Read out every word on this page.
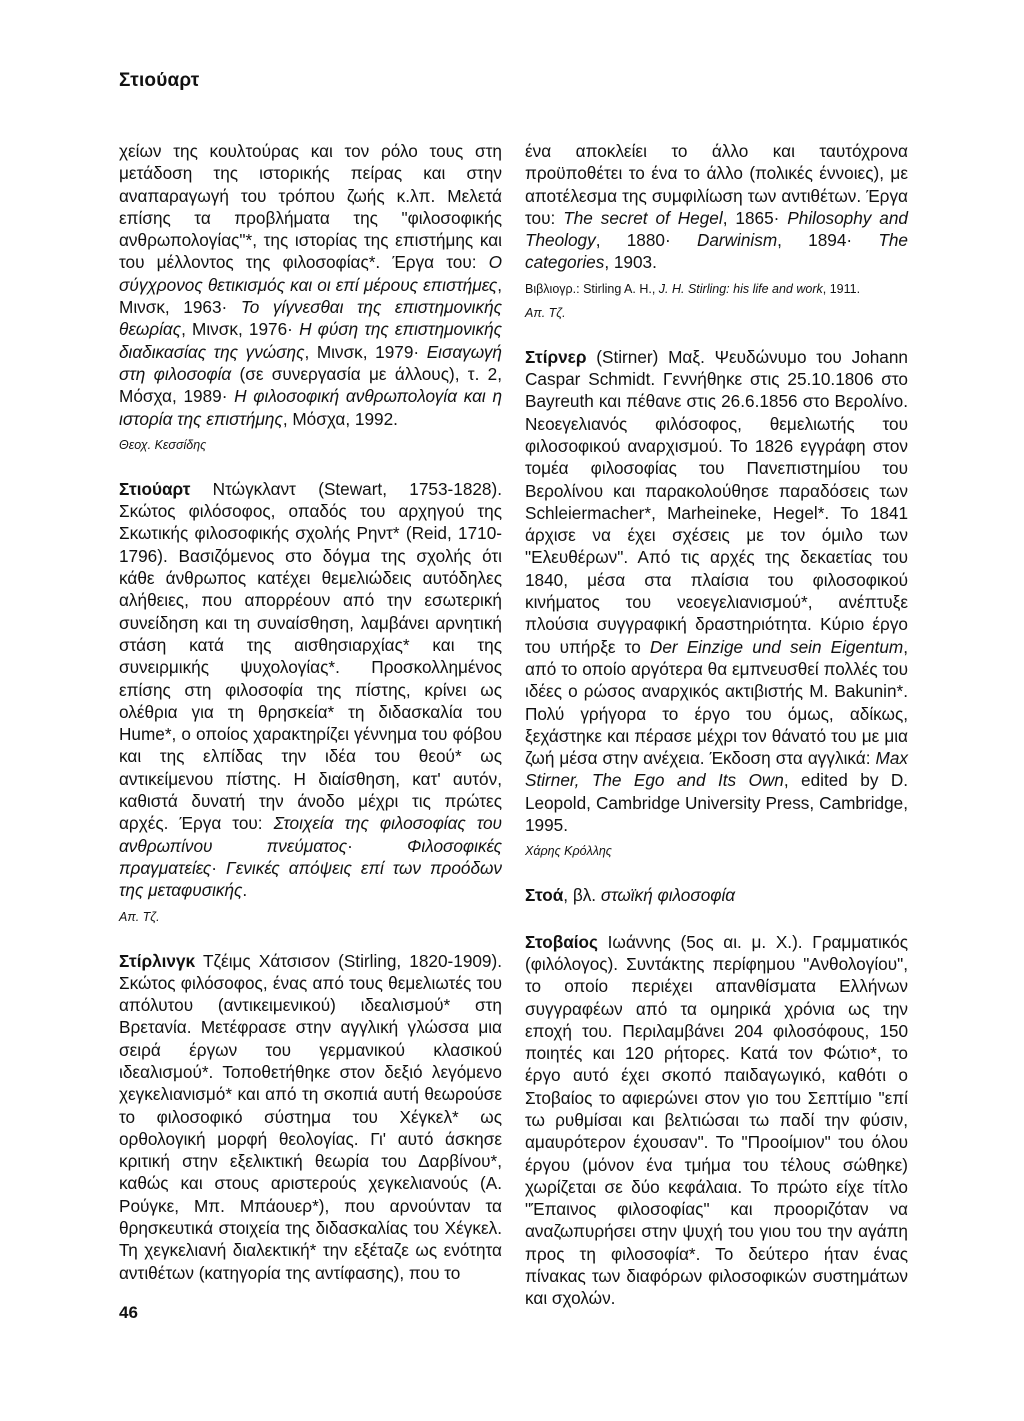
Στιούαρτ

χείων της κουλτούρας και τον ρόλο τους στη μετάδοση της ιστορικής πείρας και στην αναπαραγωγή του τρόπου ζωής κ.λπ. Μελετά επίσης τα προβλήματα της "φιλοσοφικής ανθρωπολογίας"*, της ιστορίας της επιστήμης και του μέλλοντος της φιλοσοφίας*. Έργα του: Ο σύγχρονος θετικισμός και οι επί μέρους επιστήμες, Μινσκ, 1963· Το γίγνεσθαι της επιστημονικής θεωρίας, Μινσκ, 1976· Η φύση της επιστημονικής διαδικασίας της γνώσης, Μινσκ, 1979· Εισαγωγή στη φιλοσοφία (σε συνεργασία με άλλους), τ. 2, Μόσχα, 1989· Η φιλοσοφική ανθρωπολογία και η ιστορία της επιστήμης, Μόσχα, 1992.

Θεοχ. Κεσσίδης

Στιούαρτ Ντώγκλαντ (Stewart, 1753-1828). Σκώτος φιλόσοφος, οπαδός του αρχηγού της Σκωτικής φιλοσοφικής σχολής Ρηντ* (Reid, 1710-1796). Βασιζόμενος στο δόγμα της σχολής ότι κάθε άνθρωπος κατέχει θεμελιώδεις αυτόδηλες αλήθειες, που απορρέουν από την εσωτερική συνείδηση και τη συναίσθηση, λαμβάνει αρνητική στάση κατά της αισθησιαρχίας* και της συνειρμικής ψυχολογίας*. Προσκολλημένος επίσης στη φιλοσοφία της πίστης, κρίνει ως ολέθρια για τη θρησκεία* τη διδασκαλία του Hume*, ο οποίος χαρακτηρίζει γέννημα του φόβου και της ελπίδας την ιδέα του θεού* ως αντικείμενου πίστης. Η διαίσθηση, κατ' αυτόν, καθιστά δυνατή την άνοδο μέχρι τις πρώτες αρχές. Έργα του: Στοιχεία της φιλοσοφίας του ανθρωπίνου πνεύματος· Φιλοσοφικές πραγματείες· Γενικές απόψεις επί των προόδων της μεταφυσικής.

Απ. Τζ.

Στίρλινγκ Τζέιμς Χάτσισον (Stirling, 1820-1909). Σκώτος φιλόσοφος, ένας από τους θεμελιωτές του απόλυτου (αντικειμενικού) ιδεαλισμού* στη Βρετανία. Μετέφρασε στην αγγλική γλώσσα μια σειρά έργων του γερμανικού κλασικού ιδεαλισμού*. Τοποθετήθηκε στον δεξιό λεγόμενο χεγκελιανισμό* και από τη σκοπιά αυτή θεωρούσε το φιλοσοφικό σύστημα του Χέγκελ* ως ορθολογική μορφή θεολογίας. Γι' αυτό άσκησε κριτική στην εξελικτική θεωρία του Δαρβίνου*, καθώς και στους αριστερούς χεγκελιανούς (Α. Ρούγκε, Μπ. Μπάουερ*), που αρνούνταν τα θρησκευτικά στοιχεία της διδασκαλίας του Χέγκελ. Τη χεγκελιανή διαλεκτική* την εξέταζε ως ενότητα αντιθέτων (κατηγορία της αντίφασης), που το

ένα αποκλείει το άλλο και ταυτόχρονα προϋποθέτει το ένα το άλλο (πολικές έννοιες), με αποτέλεσμα της συμφιλίωση των αντιθέτων. Έργα του: The secret of Hegel, 1865· Philosophy and Theology, 1880· Darwinism, 1894· The categories, 1903.

Βιβλιογρ.: Stirling A. H., J. H. Stirling: his life and work, 1911.

Απ. Τζ.

Στίρνερ (Stirner) Μαξ. Ψευδώνυμο του Johann Caspar Schmidt. Γεννήθηκε στις 25.10.1806 στο Bayreuth και πέθανε στις 26.6.1856 στο Βερολίνο. Νεοεγελιανός φιλόσοφος, θεμελιωτής του φιλοσοφικού αναρχισμού. Το 1826 εγγράφη στον τομέα φιλοσοφίας του Πανεπιστημίου του Βερολίνου και παρακολούθησε παραδόσεις των Schleiermacher*, Marheineke, Hegel*. Το 1841 άρχισε να έχει σχέσεις με τον όμιλο των "Ελευθέρων". Από τις αρχές της δεκαετίας του 1840, μέσα στα πλαίσια του φιλοσοφικού κινήματος του νεοεγελιανισμού*, ανέπτυξε πλούσια συγγραφική δραστηριότητα. Κύριο έργο του υπήρξε το Der Einzige und sein Eigentum, από το οποίο αργότερα θα εμπνευσθεί πολλές του ιδέες ο ρώσος αναρχικός ακτιβιστής Μ. Bakunin*. Πολύ γρήγορα το έργο του όμως, αδίκως, ξεχάστηκε και πέρασε μέχρι τον θάνατό του με μια ζωή μέσα στην ανέχεια. Έκδοση στα αγγλικά: Max Stirner, The Ego and Its Own, edited by D. Leopold, Cambridge University Press, Cambridge, 1995.

Χάρης Κρόλλης

Στοά, βλ. στωϊκή φιλοσοφία

Στοβαίος Ιωάννης (5ος αι. μ. Χ.). Γραμματικός (φιλόλογος). Συντάκτης περίφημου "Ανθολογίου", το οποίο περιέχει απανθίσματα Ελλήνων συγγραφέων από τα ομηρικά χρόνια ως την εποχή του. Περιλαμβάνει 204 φιλοσόφους, 150 ποιητές και 120 ρήτορες. Κατά τον Φώτιο*, το έργο αυτό έχει σκοπό παιδαγωγικό, καθότι ο Στοβαίος το αφιερώνει στον γιο του Σεπτίμιο "επί τω ρυθμίσαι και βελτιώσαι τω παδί την φύσιν, αμαυρότερον έχουσαν". Το "Προοίμιον" του όλου έργου (μόνον ένα τμήμα του τέλους σώθηκε) χωρίζεται σε δύο κεφάλαια. Το πρώτο είχε τίτλο "Έπαινος φιλοσοφίας" και προοριζόταν να αναζωπυρήσει στην ψυχή του γιου του την αγάπη προς τη φιλοσοφία*. Το δεύτερο ήταν ένας πίνακας των διαφόρων φιλοσοφικών συστημάτων και σχολών.

46
